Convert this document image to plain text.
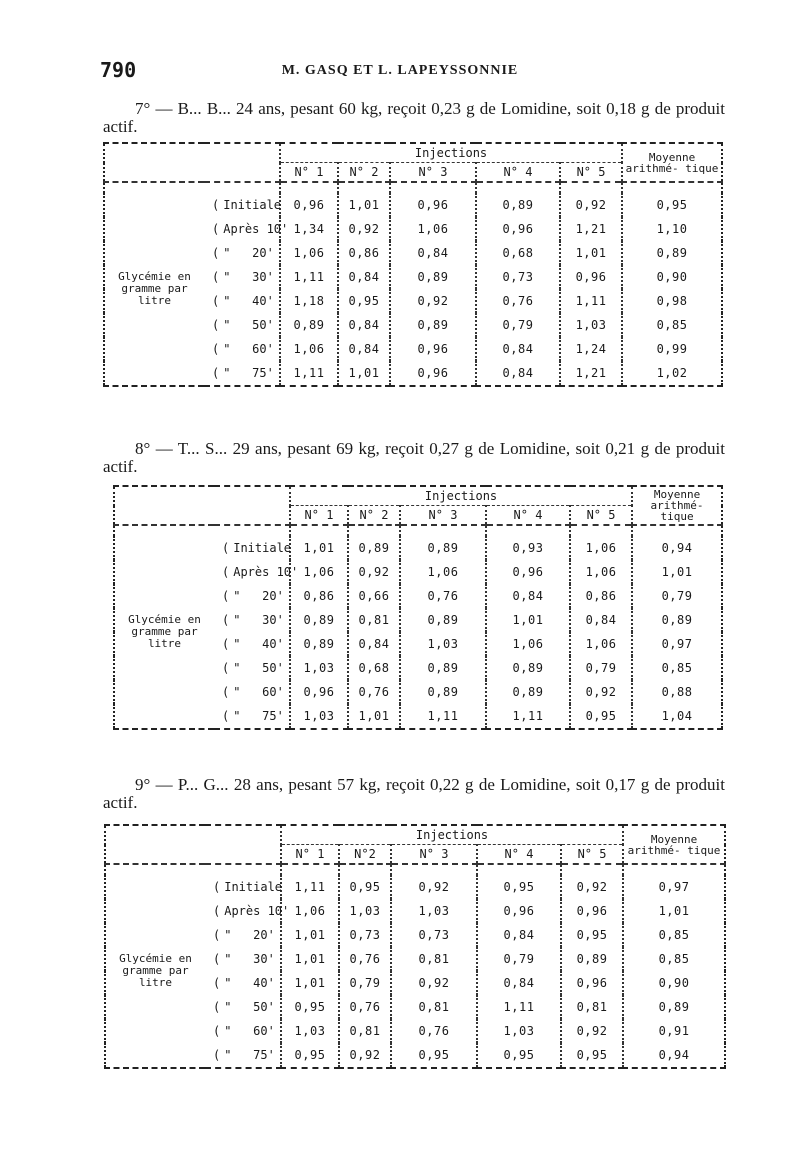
790	M. GASQ ET L. LAPEYSSONNIE

7° — B... B... 24 ans, pesant 60 kg, reçoit 0,23 g de Lomidine, soit 0,18 g de produit actif.

		Injections					Moyenne arithmé- tique
		N° 1	N° 2	N° 3	N° 4	N° 5	

Glycémie en gramme par litre	( Initiale	0,96	1,01	0,96	0,89	0,92	0,95
	( Après 10'	1,34	0,92	1,06	0,96	1,21	1,10
	( "   20'	1,06	0,86	0,84	0,68	1,01	0,89
	( "   30'	1,11	0,84	0,89	0,73	0,96	0,90
	( "   40'	1,18	0,95	0,92	0,76	1,11	0,98
	( "   50'	0,89	0,84	0,89	0,79	1,03	0,85
	( "   60'	1,06	0,84	0,96	0,84	1,24	0,99
	( "   75'	1,11	1,01	0,96	0,84	1,21	1,02

8° — T... S... 29 ans, pesant 69 kg, reçoit 0,27 g de Lomidine, soit 0,21 g de produit actif.

		Injections					Moyenne arithmé- tique
		N° 1	N° 2	N° 3	N° 4	N° 5	

Glycémie en gramme par litre	( Initiale	1,01	0,89	0,89	0,93	1,06	0,94
	( Après 10'	1,06	0,92	1,06	0,96	1,06	1,01
	( "   20'	0,86	0,66	0,76	0,84	0,86	0,79
	( "   30'	0,89	0,81	0,89	1,01	0,84	0,89
	( "   40'	0,89	0,84	1,03	1,06	1,06	0,97
	( "   50'	1,03	0,68	0,89	0,89	0,79	0,85
	( "   60'	0,96	0,76	0,89	0,89	0,92	0,88
	( "   75'	1,03	1,01	1,11	1,11	0,95	1,04

9° — P... G... 28 ans, pesant 57 kg, reçoit 0,22 g de Lomidine, soit 0,17 g de produit actif.

		Injections					Moyenne arithmé- tique
		N° 1	N°2	N° 3	N° 4	N° 5	

Glycémie en gramme par litre	( Initiale	1,11	0,95	0,92	0,95	0,92	0,97
	( Après 10'	1,06	1,03	1,03	0,96	0,96	1,01
	( "   20'	1,01	0,73	0,73	0,84	0,95	0,85
	( "   30'	1,01	0,76	0,81	0,79	0,89	0,85
	( "   40'	1,01	0,79	0,92	0,84	0,96	0,90
	( "   50'	0,95	0,76	0,81	1,11	0,81	0,89
	( "   60'	1,03	0,81	0,76	1,03	0,92	0,91
	( "   75'	0,95	0,92	0,95	0,95	0,95	0,94
